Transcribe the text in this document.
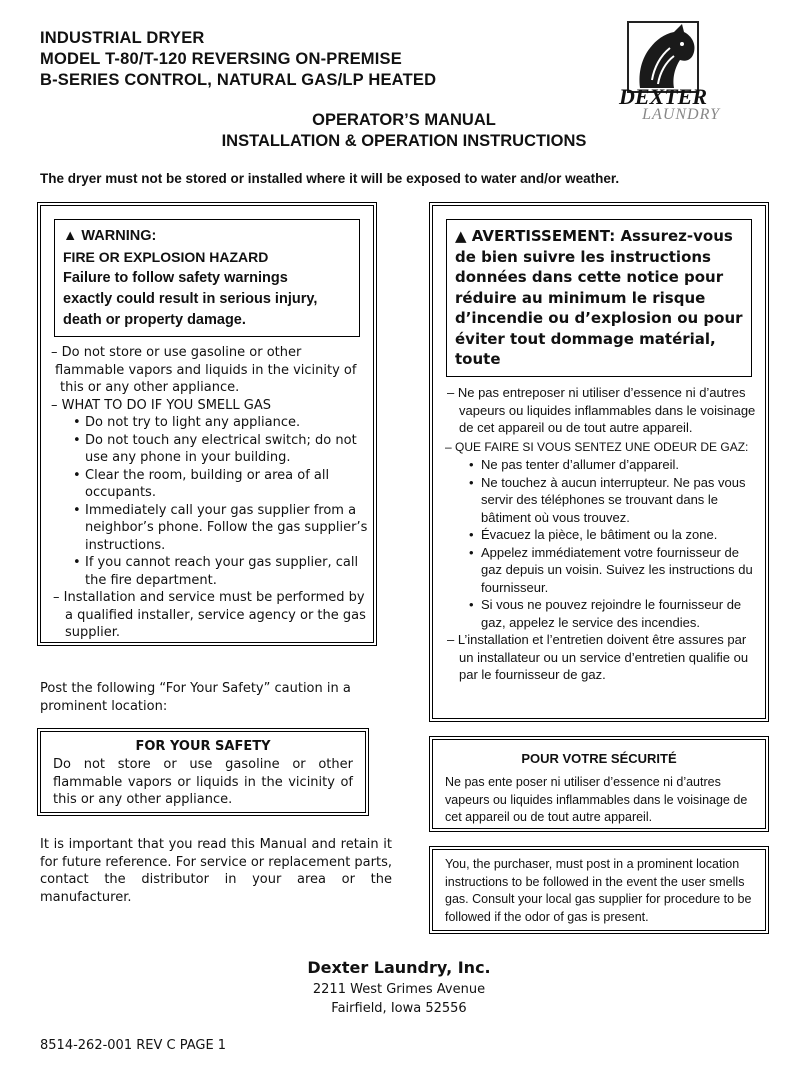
INDUSTRIAL DRYER
MODEL T-80/T-120 REVERSING ON-PREMISE
B-SERIES CONTROL, NATURAL GAS/LP HEATED
DEXTER
LAUNDRY
OPERATOR’S MANUAL
INSTALLATION & OPERATION INSTRUCTIONS
The dryer must not be stored or installed where it will be exposed to water and/or weather.
▲ WARNING:
FIRE OR EXPLOSION HAZARD
Failure to follow safety warnings
exactly could result in serious injury,
death or property damage.
– Do not store or use gasoline or other
flammable vapors and liquids in the vicinity of
this or any other appliance.
– WHAT TO DO IF YOU SMELL GAS
• Do not try to light any appliance.
• Do not touch any electrical switch; do not use any phone in your building.
• Clear the room, building or area of all occupants.
• Immediately call your gas supplier from a neighbor’s phone. Follow the gas supplier’s instructions.
• If you cannot reach your gas supplier, call the fire department.
– Installation and service must be performed by a qualified installer, service agency or the gas supplier.
▲ AVERTISSEMENT: Assurez-vous de bien suivre les instructions données dans cette notice pour réduire au minimum le risque d’incendie ou d’explosion ou pour éviter tout dommage matérial, toute
– Ne pas entreposer ni utiliser d’essence ni d’autres vapeurs ou liquides inflammables dans le voisinage de cet appareil ou de tout autre appareil.
– QUE FAIRE SI VOUS SENTEZ UNE ODEUR DE GAZ:
• Ne pas tenter d’allumer d’appareil.
• Ne touchez à aucun interrupteur. Ne pas vous servir des téléphones se trouvant dans le bâtiment où vous trouvez.
• Évacuez la pièce, le bâtiment ou la zone.
• Appelez immédiatement votre fournisseur de gaz depuis un voisin. Suivez les instructions du fournisseur.
• Si vous ne pouvez rejoindre le fournisseur de gaz, appelez le service des incendies.
– L’installation et l’entretien doivent être assures par un installateur ou un service d’entretien qualifie ou par le fournisseur de gaz.
Post the following “For Your Safety” caution in a prominent location:
FOR YOUR SAFETY
Do not store or use gasoline or other flammable vapors or liquids in the vicinity of this or any other appliance.
POUR VOTRE SÉCURITÉ
Ne pas ente poser ni utiliser d’essence ni d’autres vapeurs ou liquides inflammables dans le voisinage de cet appareil ou de tout autre appareil.
It is important that you read this Manual and retain it for future reference. For service or replacement parts, contact the distributor in your area or the manufacturer.
You, the purchaser, must post in a prominent location instructions to be followed in the event the user smells gas. Consult your local gas supplier for procedure to be followed if the odor of gas is present.
Dexter Laundry, Inc.
2211 West Grimes Avenue
Fairfield, Iowa 52556
8514-262-001 REV C PAGE 1
